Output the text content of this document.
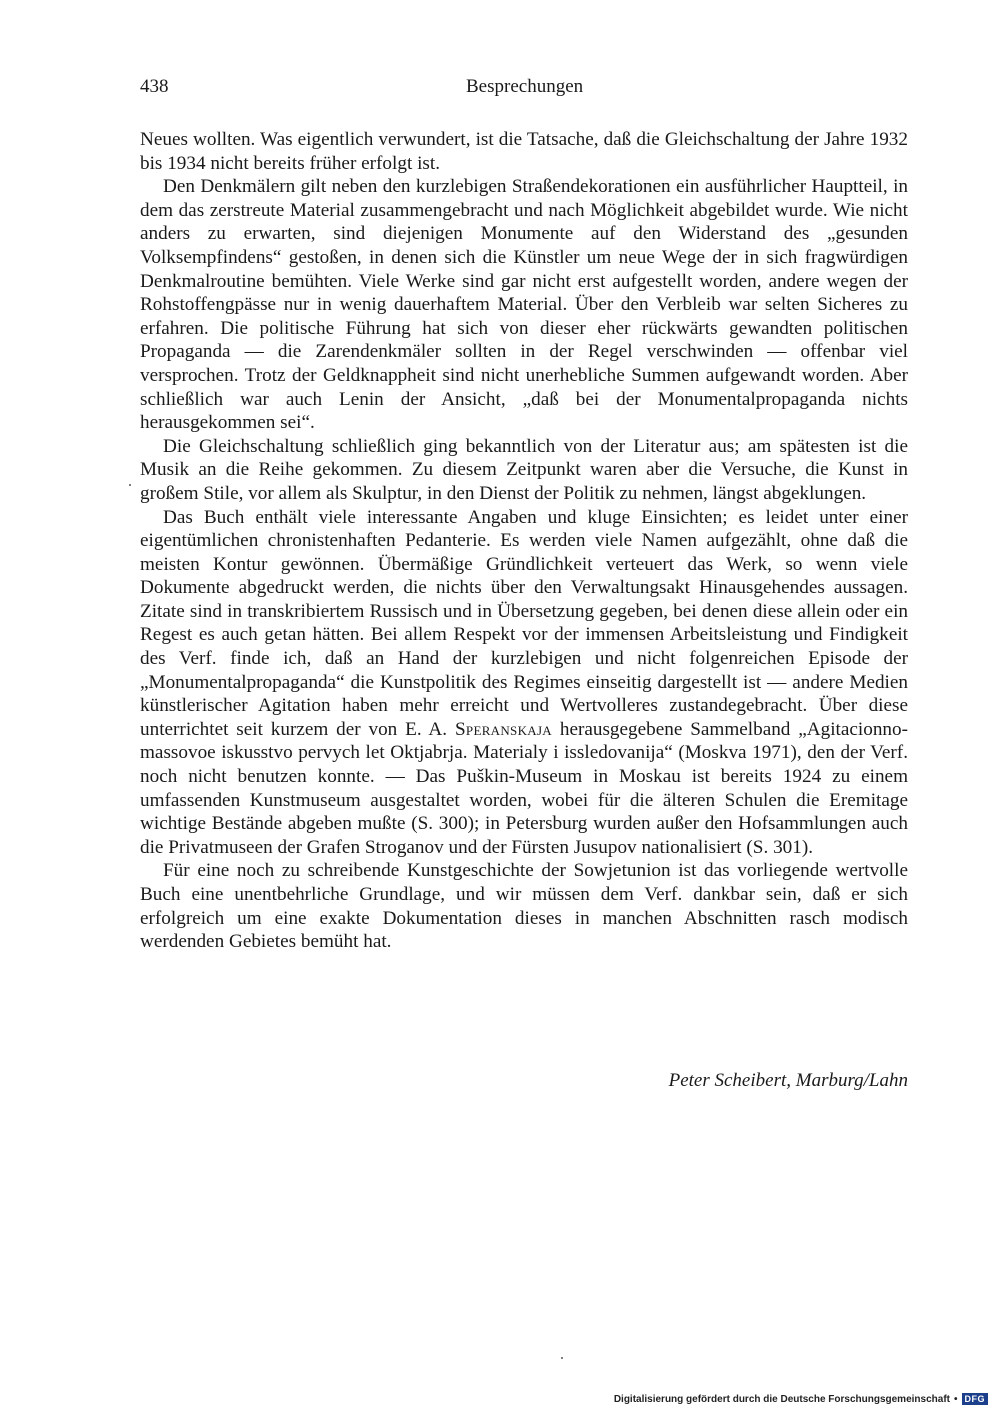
438	Besprechungen

Neues wollten. Was eigentlich verwundert, ist die Tatsache, daß die Gleichschaltung der Jahre 1932 bis 1934 nicht bereits früher erfolgt ist.

Den Denkmälern gilt neben den kurzlebigen Straßendekorationen ein ausführlicher Hauptteil, in dem das zerstreute Material zusammengebracht und nach Möglichkeit abgebildet wurde. Wie nicht anders zu erwarten, sind diejenigen Monumente auf den Widerstand des „gesunden Volksempfindens“ gestoßen, in denen sich die Künstler um neue Wege der in sich fragwürdigen Denkmalroutine bemühten. Viele Werke sind gar nicht erst aufgestellt worden, andere wegen der Rohstoffengpässe nur in wenig dauerhaftem Material. Über den Verbleib war selten Sicheres zu erfahren. Die politische Führung hat sich von dieser eher rückwärts gewandten politischen Propaganda — die Zarendenkmäler sollten in der Regel verschwinden — offenbar viel versprochen. Trotz der Geldknappheit sind nicht unerhebliche Summen aufgewandt worden. Aber schließlich war auch Lenin der Ansicht, „daß bei der Monumentalpropaganda nichts herausgekommen sei“.

Die Gleichschaltung schließlich ging bekanntlich von der Literatur aus; am spätesten ist die Musik an die Reihe gekommen. Zu diesem Zeitpunkt waren aber die Versuche, die Kunst in großem Stile, vor allem als Skulptur, in den Dienst der Politik zu nehmen, längst abgeklungen.

Das Buch enthält viele interessante Angaben und kluge Einsichten; es leidet unter einer eigentümlichen chronistenhaften Pedanterie. Es werden viele Namen aufgezählt, ohne daß die meisten Kontur gewönnen. Übermäßige Gründlichkeit verteuert das Werk, so wenn viele Dokumente abgedruckt werden, die nichts über den Verwaltungsakt Hinausgehendes aussagen. Zitate sind in transkribiertem Russisch und in Übersetzung gegeben, bei denen diese allein oder ein Regest es auch getan hätten. Bei allem Respekt vor der immensen Arbeitsleistung und Findigkeit des Verf. finde ich, daß an Hand der kurzlebigen und nicht folgenreichen Episode der „Monumentalpropaganda“ die Kunstpolitik des Regimes einseitig dargestellt ist — andere Medien künstlerischer Agitation haben mehr erreicht und Wertvolleres zustandegebracht. Über diese unterrichtet seit kurzem der von E. A. Speranskaja herausgegebene Sammelband „Agitacionno-massovoe iskusstvo pervych let Oktjabrja. Materialy i issledovanija“ (Moskva 1971), den der Verf. noch nicht benutzen konnte. — Das Puškin-Museum in Moskau ist bereits 1924 zu einem umfassenden Kunstmuseum ausgestaltet worden, wobei für die älteren Schulen die Eremitage wichtige Bestände abgeben mußte (S. 300); in Petersburg wurden außer den Hofsammlungen auch die Privatmuseen der Grafen Stroganov und der Fürsten Jusupov nationalisiert (S. 301).

Für eine noch zu schreibende Kunstgeschichte der Sowjetunion ist das vorliegende wertvolle Buch eine unentbehrliche Grundlage, und wir müssen dem Verf. dankbar sein, daß er sich erfolgreich um eine exakte Dokumentation dieses in manchen Abschnitten rasch modisch werdenden Gebietes bemüht hat.

Peter Scheibert, Marburg/Lahn
Digitalisierung gefördert durch die Deutsche Forschungsgemeinschaft • DFG
